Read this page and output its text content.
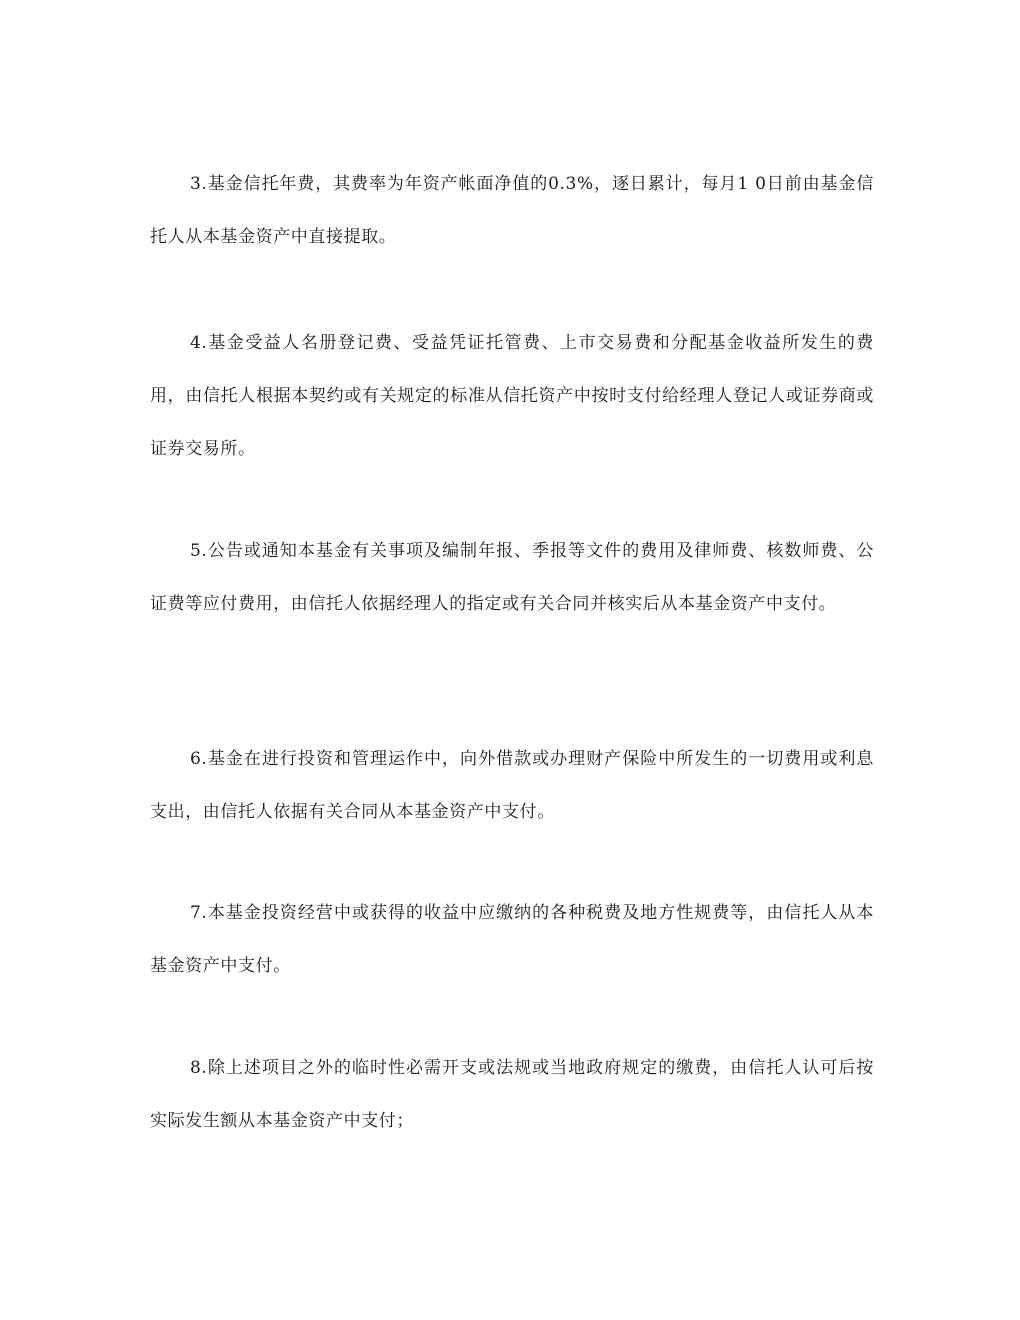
3.基金信托年费，其费率为年资产帐面净值的0.3%，逐日累计，每月1 0日前由基金信托人从本基金资产中直接提取。

4.基金受益人名册登记费、受益凭证托管费、上市交易费和分配基金收益所发生的费用，由信托人根据本契约或有关规定的标准从信托资产中按时支付给经理人登记人或证券商或证券交易所。

5.公告或通知本基金有关事项及编制年报、季报等文件的费用及律师费、核数师费、公证费等应付费用，由信托人依据经理人的指定或有关合同并核实后从本基金资产中支付。

6.基金在进行投资和管理运作中，向外借款或办理财产保险中所发生的一切费用或利息支出，由信托人依据有关合同从本基金资产中支付。

7.本基金投资经营中或获得的收益中应缴纳的各种税费及地方性规费等，由信托人从本基金资产中支付。

8.除上述项目之外的临时性必需开支或法规或当地政府规定的缴费，由信托人认可后按实际发生额从本基金资产中支付；
